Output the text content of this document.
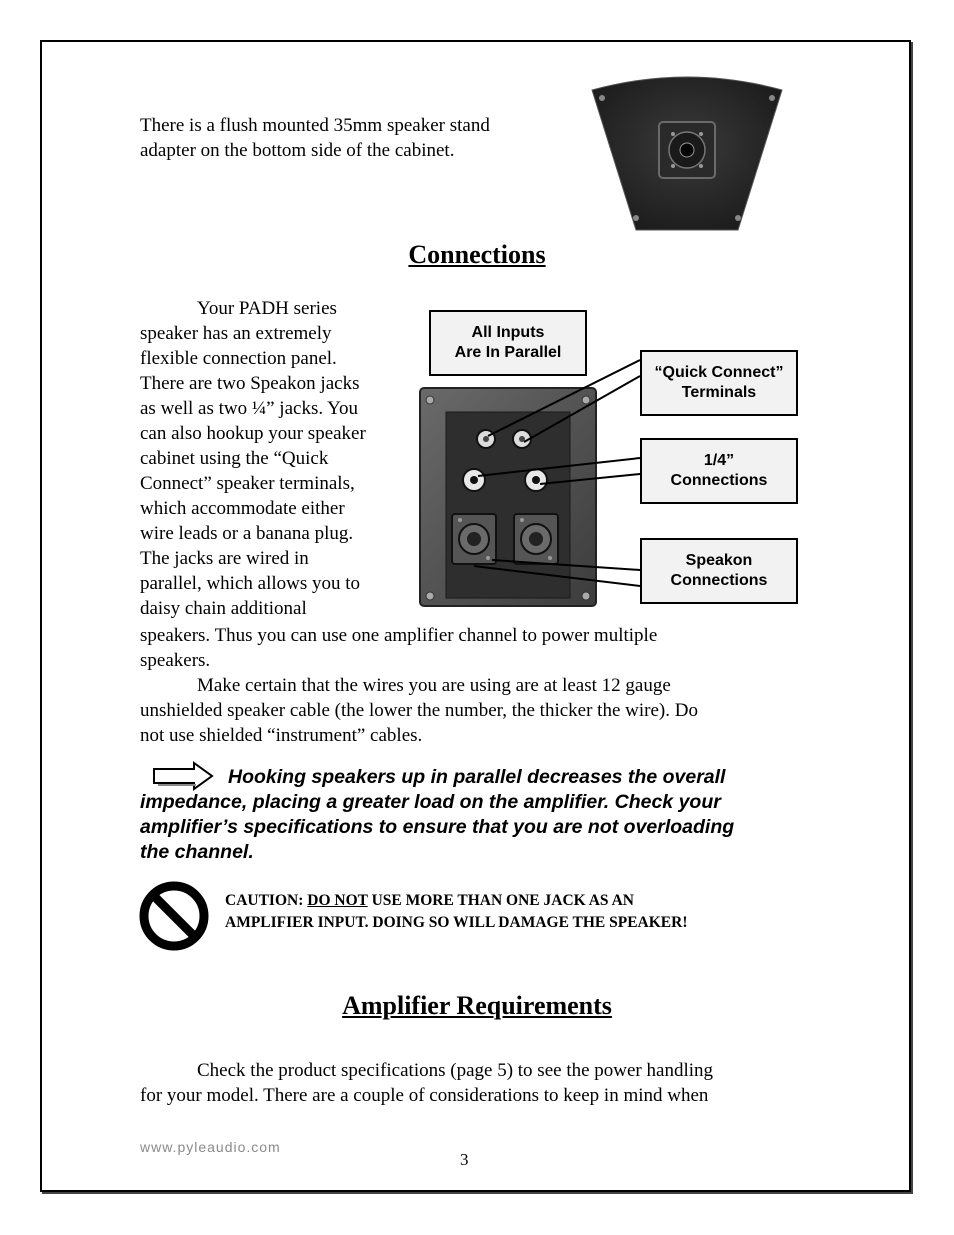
There is a flush mounted 35mm speaker stand
adapter on the bottom side of the cabinet.
Connections
Your PADH series
speaker has an extremely
flexible connection panel.
There are two Speakon jacks
as well as two ¼” jacks. You
can also hookup your speaker
cabinet using the “Quick
Connect” speaker terminals,
which accommodate either
wire leads or a banana plug.
The jacks are wired in
parallel, which allows you to
daisy chain additional
speakers. Thus you can use one amplifier channel to power multiple
speakers.
Make certain that the wires you are using are at least 12 gauge
unshielded speaker cable (the lower the number, the thicker the wire). Do
not use shielded “instrument” cables.
All Inputs
Are In Parallel
“Quick Connect”
Terminals
1/4”
Connections
Speakon
Connections
Hooking speakers up in parallel decreases the overall
impedance, placing a greater load on the amplifier. Check your
amplifier’s specifications to ensure that you are not overloading
the channel.
CAUTION: DO NOT USE MORE THAN ONE JACK AS AN
AMPLIFIER INPUT. DOING SO WILL DAMAGE THE SPEAKER!
Amplifier Requirements
Check the product specifications (page 5) to see the power handling
for your model. There are a couple of considerations to keep in mind when
www.pyleaudio.com
3
